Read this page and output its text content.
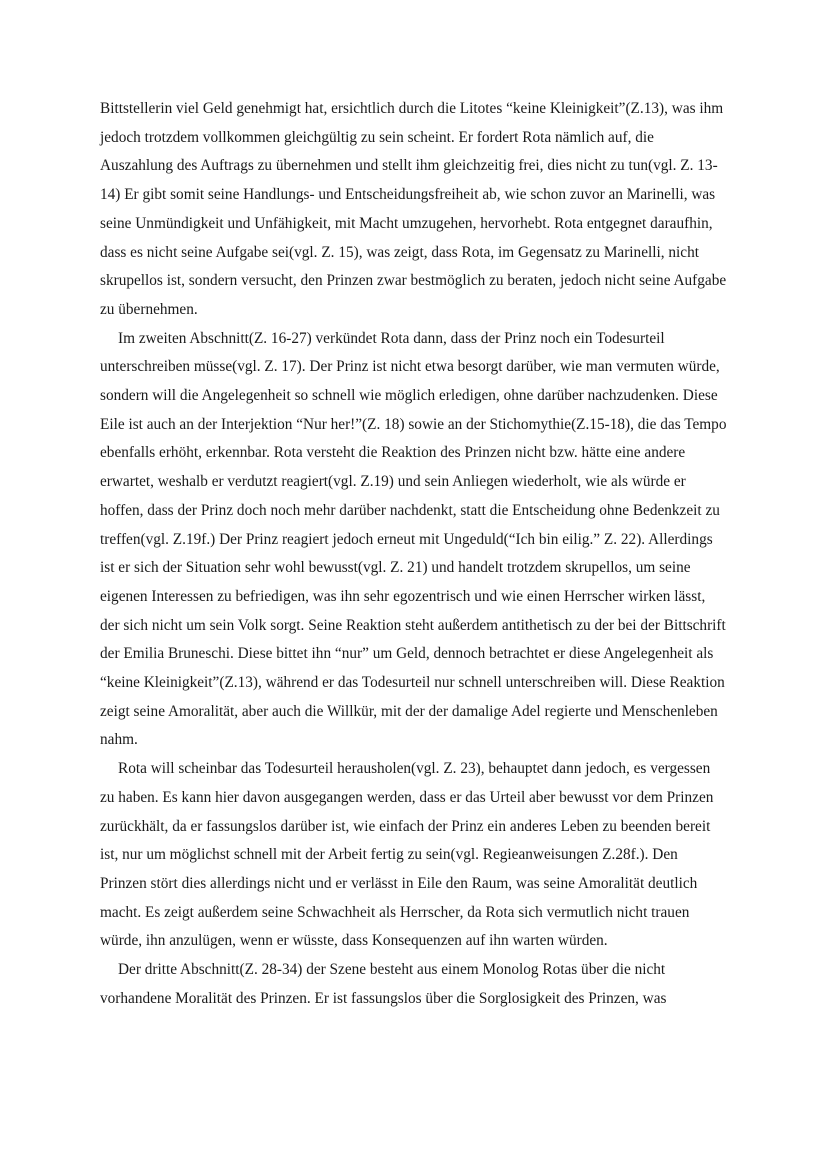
Bittstellerin viel Geld genehmigt hat, ersichtlich durch die Litotes “keine Kleinigkeit”(Z.13), was ihm jedoch trotzdem vollkommen gleichgültig zu sein scheint. Er fordert Rota nämlich auf, die Auszahlung des Auftrags zu übernehmen und stellt ihm gleichzeitig frei, dies nicht zu tun(vgl. Z. 13-14) Er gibt somit seine Handlungs- und Entscheidungsfreiheit ab, wie schon zuvor an Marinelli, was seine Unmündigkeit und Unfähigkeit, mit Macht umzugehen, hervorhebt. Rota entgegnet daraufhin, dass es nicht seine Aufgabe sei(vgl. Z. 15), was zeigt, dass Rota, im Gegensatz zu Marinelli, nicht skrupellos ist, sondern versucht, den Prinzen zwar bestmöglich zu beraten, jedoch nicht seine Aufgabe zu übernehmen.

Im zweiten Abschnitt(Z. 16-27) verkündet Rota dann, dass der Prinz noch ein Todesurteil unterschreiben müsse(vgl. Z. 17). Der Prinz ist nicht etwa besorgt darüber, wie man vermuten würde, sondern will die Angelegenheit so schnell wie möglich erledigen, ohne darüber nachzudenken. Diese Eile ist auch an der Interjektion “Nur her!”(Z. 18) sowie an der Stichomythie(Z.15-18), die das Tempo ebenfalls erhöht, erkennbar. Rota versteht die Reaktion des Prinzen nicht bzw. hätte eine andere erwartet, weshalb er verdutzt reagiert(vgl. Z.19) und sein Anliegen wiederholt, wie als würde er hoffen, dass der Prinz doch noch mehr darüber nachdenkt, statt die Entscheidung ohne Bedenkzeit zu treffen(vgl. Z.19f.) Der Prinz reagiert jedoch erneut mit Ungeduld(“Ich bin eilig.” Z. 22). Allerdings ist er sich der Situation sehr wohl bewusst(vgl. Z. 21) und handelt trotzdem skrupellos, um seine eigenen Interessen zu befriedigen, was ihn sehr egozentrisch und wie einen Herrscher wirken lässt, der sich nicht um sein Volk sorgt. Seine Reaktion steht außerdem antithetisch zu der bei der Bittschrift der Emilia Bruneschi. Diese bittet ihn “nur” um Geld, dennoch betrachtet er diese Angelegenheit als “keine Kleinigkeit”(Z.13), während er das Todesurteil nur schnell unterschreiben will. Diese Reaktion zeigt seine Amoralität, aber auch die Willkür, mit der der damalige Adel regierte und Menschenleben nahm.

Rota will scheinbar das Todesurteil herausholen(vgl. Z. 23), behauptet dann jedoch, es vergessen zu haben. Es kann hier davon ausgegangen werden, dass er das Urteil aber bewusst vor dem Prinzen zurückhält, da er fassungslos darüber ist, wie einfach der Prinz ein anderes Leben zu beenden bereit ist, nur um möglichst schnell mit der Arbeit fertig zu sein(vgl. Regieanweisungen Z.28f.). Den Prinzen stört dies allerdings nicht und er verlässt in Eile den Raum, was seine Amoralität deutlich macht. Es zeigt außerdem seine Schwachheit als Herrscher, da Rota sich vermutlich nicht trauen würde, ihn anzulügen, wenn er wüsste, dass Konsequenzen auf ihn warten würden.

Der dritte Abschnitt(Z. 28-34) der Szene besteht aus einem Monolog Rotas über die nicht vorhandene Moralität des Prinzen. Er ist fassungslos über die Sorglosigkeit des Prinzen, was
